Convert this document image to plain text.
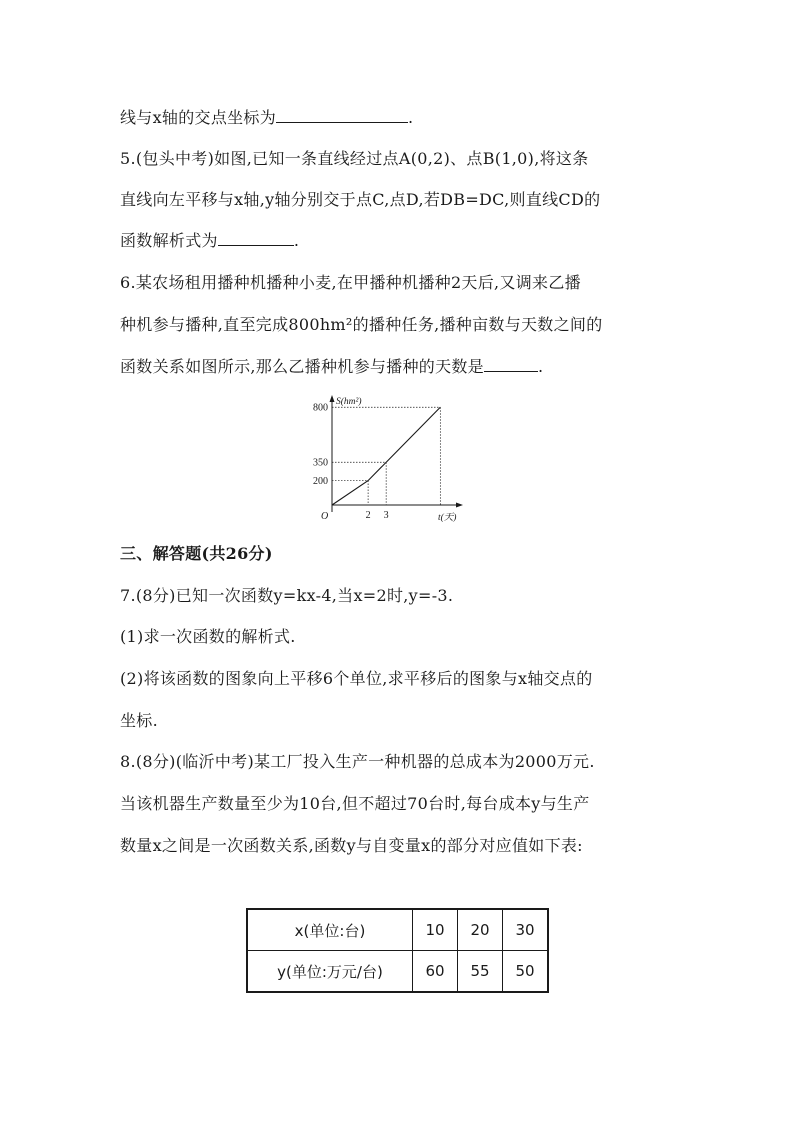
线与x轴的交点坐标为	.
5.(包头中考)如图,已知一条直线经过点A(0,2)、点B(1,0),将这条
直线向左平移与x轴,y轴分别交于点C,点D,若DB=DC,则直线CD的
函数解析式为	.
6.某农场租用播种机播种小麦,在甲播种机播种2天后,又调来乙播
种机参与播种,直至完成800hm²的播种任务,播种亩数与天数之间的
函数关系如图所示,那么乙播种机参与播种的天数是	.
200
350
800
2 3
S(hm²)
t(天)
O
三、解答题(共26分)
7.(8分)已知一次函数y=kx-4,当x=2时,y=-3.
(1)求一次函数的解析式.
(2)将该函数的图象向上平移6个单位,求平移后的图象与x轴交点的
坐标.
8.(8分)(临沂中考)某工厂投入生产一种机器的总成本为2000万元.
当该机器生产数量至少为10台,但不超过70台时,每台成本y与生产
数量x之间是一次函数关系,函数y与自变量x的部分对应值如下表:
x(单位:台)	10	20	30
y(单位:万元/台)	60	55	50
